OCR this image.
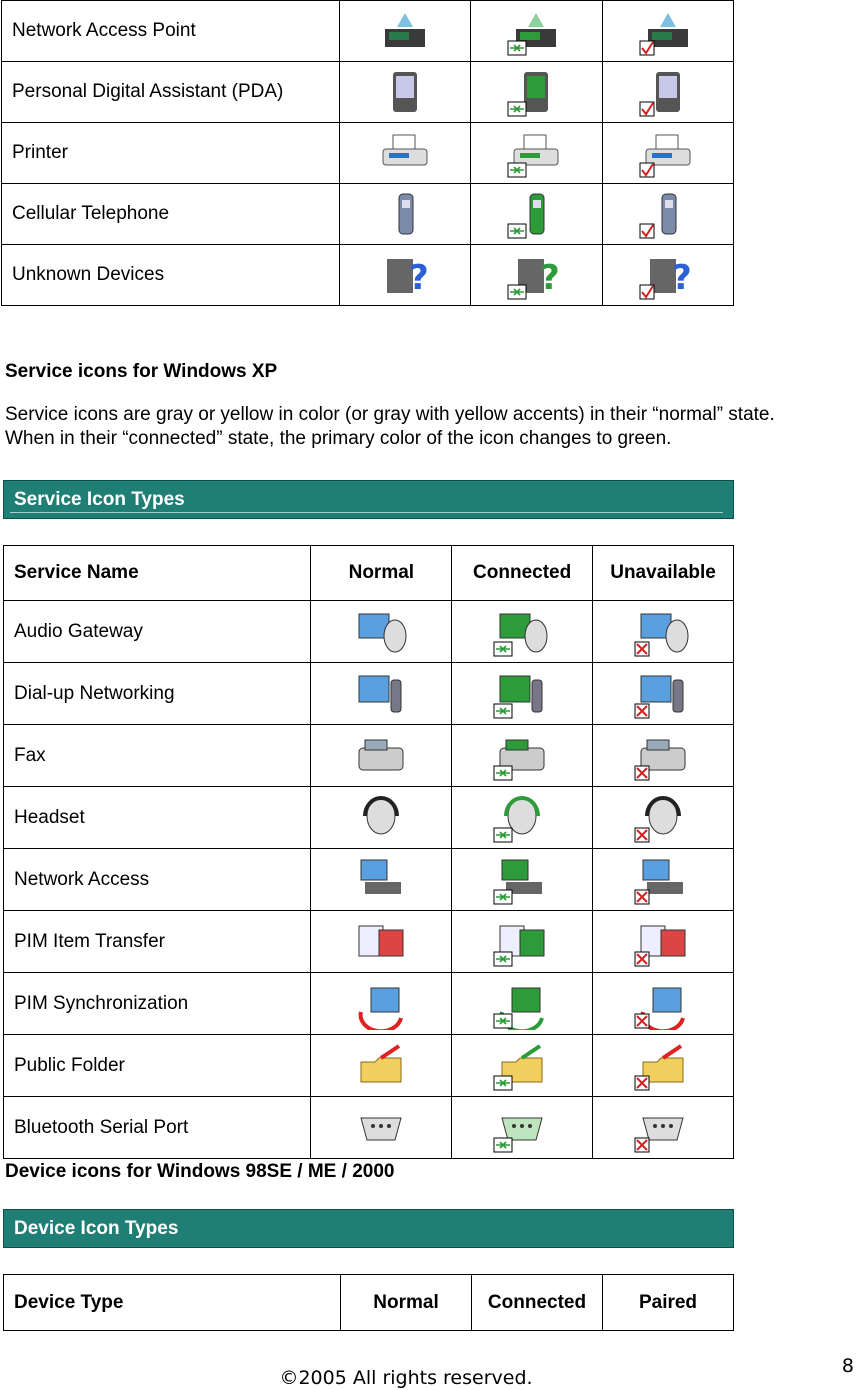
Network Access Point			
Personal Digital Assistant (PDA)			
Printer			
Cellular Telephone			
Unknown Devices	?	?	?
Service icons for Windows XP
Service icons are gray or yellow in color (or gray with yellow accents) in their “normal” state. When in their “connected” state, the primary color of the icon changes to green.
Service Icon Types
Service Name	Normal	Connected	Unavailable
Audio Gateway			
Dial-up Networking			
Fax			
Headset			
Network Access			
PIM Item Transfer			
PIM Synchronization			
Public Folder			
Bluetooth Serial Port			
Device icons for Windows 98SE / ME / 2000
Device Icon Types
Device Type	Normal	Connected	Paired
©2005 All rights reserved.
8
